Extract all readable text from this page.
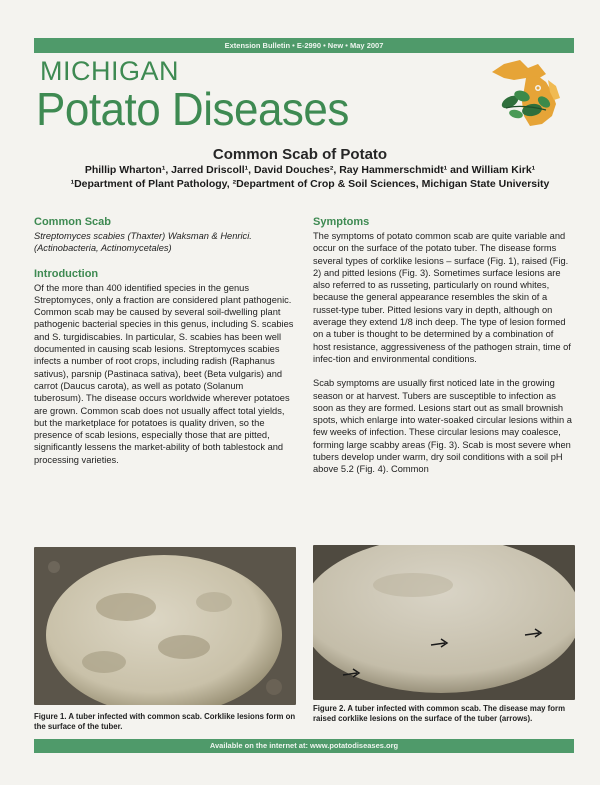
Extension Bulletin • E-2990 • New • May 2007
MICHIGAN
Potato Diseases
Common Scab of Potato
Phillip Wharton¹, Jarred Driscoll¹, David Douches², Ray Hammerschmidt¹ and William Kirk¹
¹Department of Plant Pathology, ²Department of Crop & Soil Sciences, Michigan State University
Common Scab
Streptomyces scabies (Thaxter) Waksman & Henrici. (Actinobacteria, Actinomycetales)
Introduction
Of the more than 400 identified species in the genus Streptomyces, only a fraction are considered plant pathogenic. Common scab may be caused by several soil-dwelling plant pathogenic bacterial species in this genus, including S. scabies and S. turgidiscabies. In particular, S. scabies has been well documented in causing scab lesions. Streptomyces scabies infects a number of root crops, including radish (Raphanus sativus), parsnip (Pastinaca sativa), beet (Beta vulgaris) and carrot (Daucus carota), as well as potato (Solanum tuberosum). The disease occurs worldwide wherever potatoes are grown. Common scab does not usually affect total yields, but the marketplace for potatoes is quality driven, so the presence of scab lesions, especially those that are pitted, significantly lessens the market-ability of both tablestock and processing varieties.
Symptoms
The symptoms of potato common scab are quite variable and occur on the surface of the potato tuber. The disease forms several types of corklike lesions – surface (Fig. 1), raised (Fig. 2) and pitted lesions (Fig. 3). Sometimes surface lesions are also referred to as russeting, particularly on round whites, because the general appearance resembles the skin of a russet-type tuber. Pitted lesions vary in depth, although on average they extend 1/8 inch deep. The type of lesion formed on a tuber is thought to be determined by a combination of host resistance, aggressiveness of the pathogen strain, time of infec-tion and environmental conditions.
Scab symptoms are usually first noticed late in the growing season or at harvest. Tubers are susceptible to infection as soon as they are formed. Lesions start out as small brownish spots, which enlarge into water-soaked circular lesions within a few weeks of infection. These circular lesions may coalesce, forming large scabby areas (Fig. 3). Scab is most severe when tubers develop under warm, dry soil conditions with a soil pH above 5.2 (Fig. 4). Common
Figure 1. A tuber infected with common scab. Corklike lesions form on the surface of the tuber.
Figure 2. A tuber infected with common scab. The disease may form raised corklike lesions on the surface of the tuber (arrows).
Available on the internet at: www.potatodiseases.org
